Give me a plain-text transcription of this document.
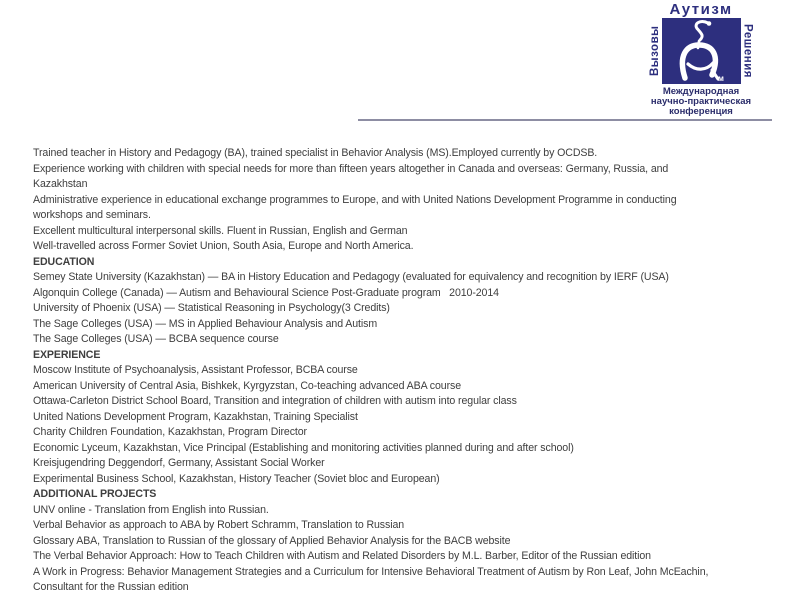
Аутизм
Вызовы
м
Решения
Международная
научно-практическая
конференция
Trained teacher in History and Pedagogy (BA), trained specialist in Behavior Analysis (MS).Employed currently by OCDSB.
Experience working with children with special needs for more than fifteen years altogether in Canada and overseas: Germany, Russia, and
Kazakhstan
Administrative experience in educational exchange programmes to Europe, and with United Nations Development Programme in conducting
workshops and seminars.
Excellent multicultural interpersonal skills. Fluent in Russian, English and German
Well-travelled across Former Soviet Union, South Asia, Europe and North America.
EDUCATION
Semey State University (Kazakhstan) — BA in History Education and Pedagogy (evaluated for equivalency and recognition by IERF (USA)
Algonquin College (Canada) — Autism and Behavioural Science Post-Graduate program   2010-2014
University of Phoenix (USA) — Statistical Reasoning in Psychology(3 Credits)
The Sage Colleges (USA) — MS in Applied Behaviour Analysis and Autism
The Sage Colleges (USA) — BCBA sequence course
EXPERIENCE
Moscow Institute of Psychoanalysis, Assistant Professor, BCBA course
American University of Central Asia, Bishkek, Kyrgyzstan, Co-teaching advanced ABA course
Ottawa-Carleton District School Board, Transition and integration of children with autism into regular class
United Nations Development Program, Kazakhstan, Training Specialist
Charity Children Foundation, Kazakhstan, Program Director
Economic Lyceum, Kazakhstan, Vice Principal (Establishing and monitoring activities planned during and after school)
Kreisjugendring Deggendorf, Germany, Assistant Social Worker
Experimental Business School, Kazakhstan, History Teacher (Soviet bloc and European)
ADDITIONAL PROJECTS
UNV online - Translation from English into Russian.
Verbal Behavior as approach to ABA by Robert Schramm, Translation to Russian
Glossary ABA, Translation to Russian of the glossary of Applied Behavior Analysis for the BACB website
The Verbal Behavior Approach: How to Teach Children with Autism and Related Disorders by M.L. Barber, Editor of the Russian edition
A Work in Progress: Behavior Management Strategies and a Curriculum for Intensive Behavioral Treatment of Autism by Ron Leaf, John McEachin,
Consultant for the Russian edition
